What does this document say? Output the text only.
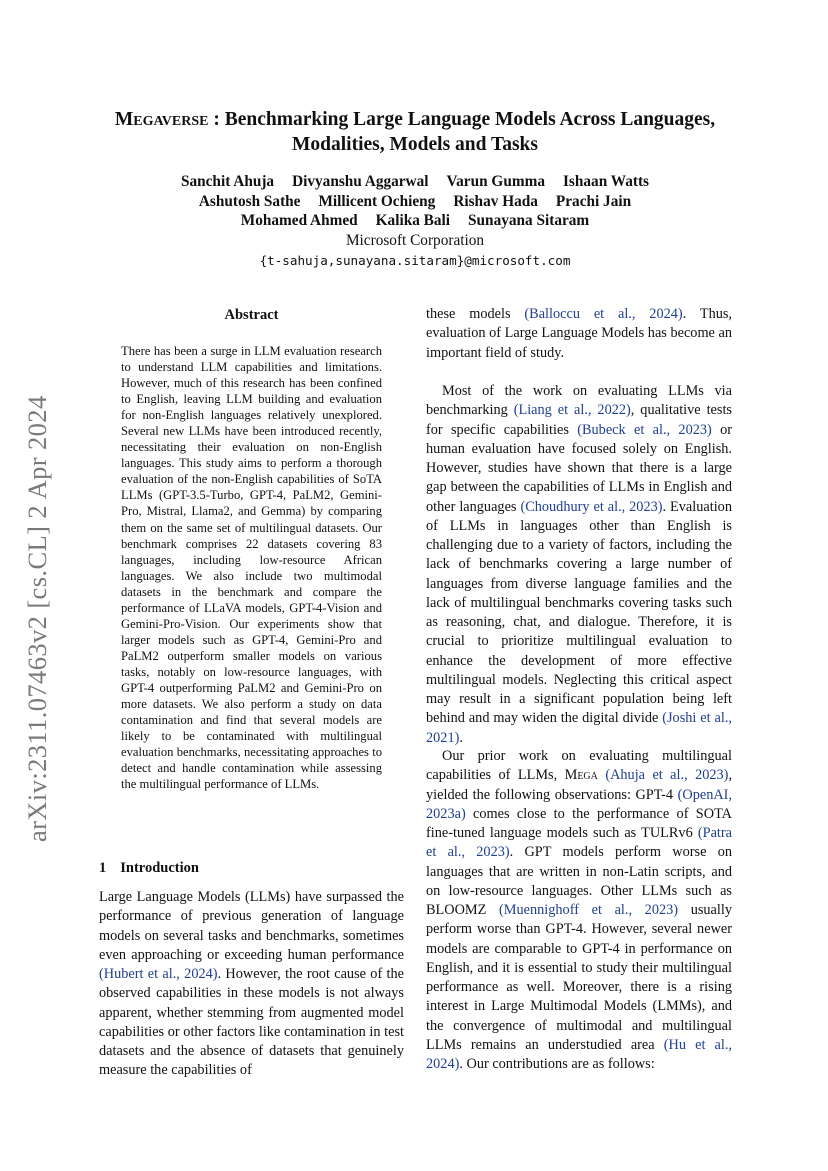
arXiv:2311.07463v2 [cs.CL] 2 Apr 2024
Megaverse : Benchmarking Large Language Models Across Languages, Modalities, Models and Tasks
Sanchit Ahuja Divyanshu Aggarwal Varun Gumma Ishaan Watts
Ashutosh Sathe Millicent Ochieng Rishav Hada Prachi Jain
Mohamed Ahmed Kalika Bali Sunayana Sitaram
Microsoft Corporation
{t-sahuja,sunayana.sitaram}@microsoft.com
Abstract

There has been a surge in LLM evaluation research to understand LLM capabilities and limitations. However, much of this research has been confined to English, leaving LLM building and evaluation for non-English languages relatively unexplored. Several new LLMs have been introduced recently, necessitating their evaluation on non-English languages. This study aims to perform a thorough evaluation of the non-English capabilities of SoTA LLMs (GPT-3.5-Turbo, GPT-4, PaLM2, Gemini-Pro, Mistral, Llama2, and Gemma) by comparing them on the same set of multilingual datasets. Our benchmark comprises 22 datasets covering 83 languages, including low-resource African languages. We also include two multimodal datasets in the benchmark and compare the performance of LLaVA models, GPT-4-Vision and Gemini-Pro-Vision. Our experiments show that larger models such as GPT-4, Gemini-Pro and PaLM2 outperform smaller models on various tasks, notably on low-resource languages, with GPT-4 outperforming PaLM2 and Gemini-Pro on more datasets. We also perform a study on data contamination and find that several models are likely to be contaminated with multilingual evaluation benchmarks, necessitating approaches to detect and handle contamination while assessing the multilingual performance of LLMs.

1 Introduction

Large Language Models (LLMs) have surpassed the performance of previous generation of language models on several tasks and benchmarks, sometimes even approaching or exceeding human performance (Hubert et al., 2024). However, the root cause of the observed capabilities in these models is not always apparent, whether stemming from augmented model capabilities or other factors like contamination in test datasets and the absence of datasets that genuinely measure the capabilities of

these models (Balloccu et al., 2024). Thus, evaluation of Large Language Models has become an important field of study.

Most of the work on evaluating LLMs via benchmarking (Liang et al., 2022), qualitative tests for specific capabilities (Bubeck et al., 2023) or human evaluation have focused solely on English. However, studies have shown that there is a large gap between the capabilities of LLMs in English and other languages (Choudhury et al., 2023). Evaluation of LLMs in languages other than English is challenging due to a variety of factors, including the lack of benchmarks covering a large number of languages from diverse language families and the lack of multilingual benchmarks covering tasks such as reasoning, chat, and dialogue. Therefore, it is crucial to prioritize multilingual evaluation to enhance the development of more effective multilingual models. Neglecting this critical aspect may result in a significant population being left behind and may widen the digital divide (Joshi et al., 2021).

Our prior work on evaluating multilingual capabilities of LLMs, Mega (Ahuja et al., 2023), yielded the following observations: GPT-4 (OpenAI, 2023a) comes close to the performance of SOTA fine-tuned language models such as TULRv6 (Patra et al., 2023). GPT models perform worse on languages that are written in non-Latin scripts, and on low-resource languages. Other LLMs such as BLOOMZ (Muennighoff et al., 2023) usually perform worse than GPT-4. However, several newer models are comparable to GPT-4 in performance on English, and it is essential to study their multilingual performance as well. Moreover, there is a rising interest in Large Multimodal Models (LMMs), and the convergence of multimodal and multilingual LLMs remains an understudied area (Hu et al., 2024). Our contributions are as follows:
